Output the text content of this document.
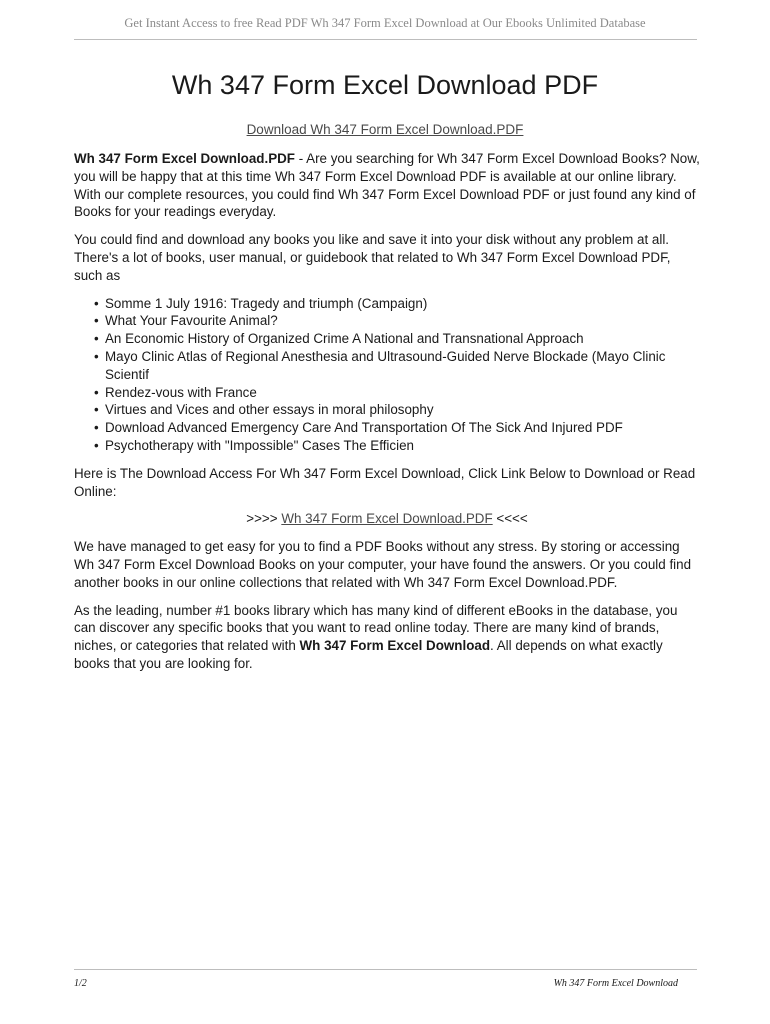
Get Instant Access to free Read PDF Wh 347 Form Excel Download at Our Ebooks Unlimited Database
Wh 347 Form Excel Download PDF
Download Wh 347 Form Excel Download.PDF

Wh 347 Form Excel Download.PDF - Are you searching for Wh 347 Form Excel Download Books? Now, you will be happy that at this time Wh 347 Form Excel Download PDF is available at our online library. With our complete resources, you could find Wh 347 Form Excel Download PDF or just found any kind of Books for your readings everyday.

You could find and download any books you like and save it into your disk without any problem at all. There's a lot of books, user manual, or guidebook that related to Wh 347 Form Excel Download PDF, such as

• Somme 1 July 1916: Tragedy and triumph (Campaign)
• What Your Favourite Animal?
• An Economic History of Organized Crime A National and Transnational Approach
• Mayo Clinic Atlas of Regional Anesthesia and Ultrasound-Guided Nerve Blockade (Mayo Clinic Scientif
• Rendez-vous with France
• Virtues and Vices and other essays in moral philosophy
• Download Advanced Emergency Care And Transportation Of The Sick And Injured PDF
• Psychotherapy with "Impossible" Cases The Efficien

Here is The Download Access For Wh 347 Form Excel Download, Click Link Below to Download or Read Online:

>>>> Wh 347 Form Excel Download.PDF <<<<

We have managed to get easy for you to find a PDF Books without any stress. By storing or accessing Wh 347 Form Excel Download Books on your computer, your have found the answers. Or you could find another books in our online collections that related with Wh 347 Form Excel Download.PDF.

As the leading, number #1 books library which has many kind of different eBooks in the database, you can discover any specific books that you want to read online today. There are many kind of brands, niches, or categories that related with Wh 347 Form Excel Download. All depends on what exactly books that you are looking for.

1/2	Wh 347 Form Excel Download
